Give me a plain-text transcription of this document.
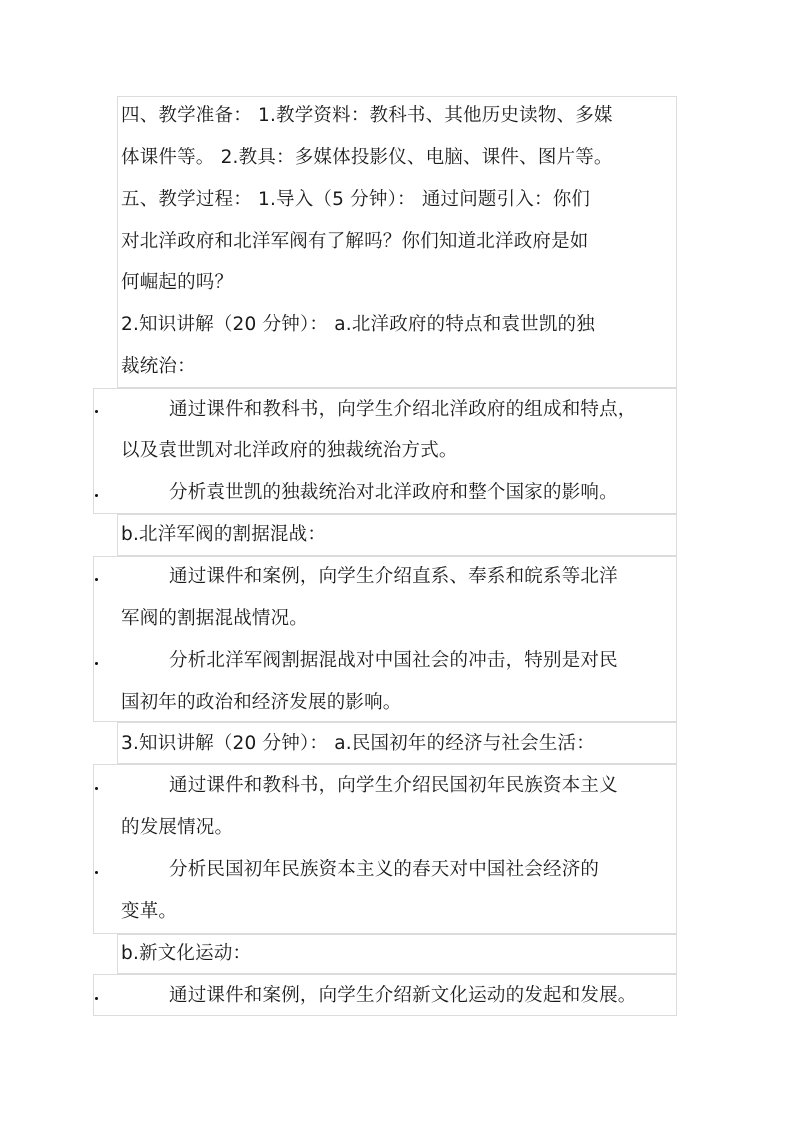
四、教学准备： 1.教学资料：教科书、其他历史读物、多媒
体课件等。 2.教具：多媒体投影仪、电脑、课件、图片等。
五、教学过程： 1.导入（5 分钟）： 通过问题引入：你们
对北洋政府和北洋军阀有了解吗？你们知道北洋政府是如
何崛起的吗？
2.知识讲解（20 分钟）： a.北洋政府的特点和袁世凯的独
裁统治：
通过课件和教科书，向学生介绍北洋政府的组成和特点，
以及袁世凯对北洋政府的独裁统治方式。
分析袁世凯的独裁统治对北洋政府和整个国家的影响。
b.北洋军阀的割据混战：
通过课件和案例，向学生介绍直系、奉系和皖系等北洋
军阀的割据混战情况。
分析北洋军阀割据混战对中国社会的冲击，特别是对民
国初年的政治和经济发展的影响。
3.知识讲解（20 分钟）： a.民国初年的经济与社会生活：
通过课件和教科书，向学生介绍民国初年民族资本主义
的发展情况。
分析民国初年民族资本主义的春天对中国社会经济的
变革。
b.新文化运动：
通过课件和案例，向学生介绍新文化运动的发起和发展。
